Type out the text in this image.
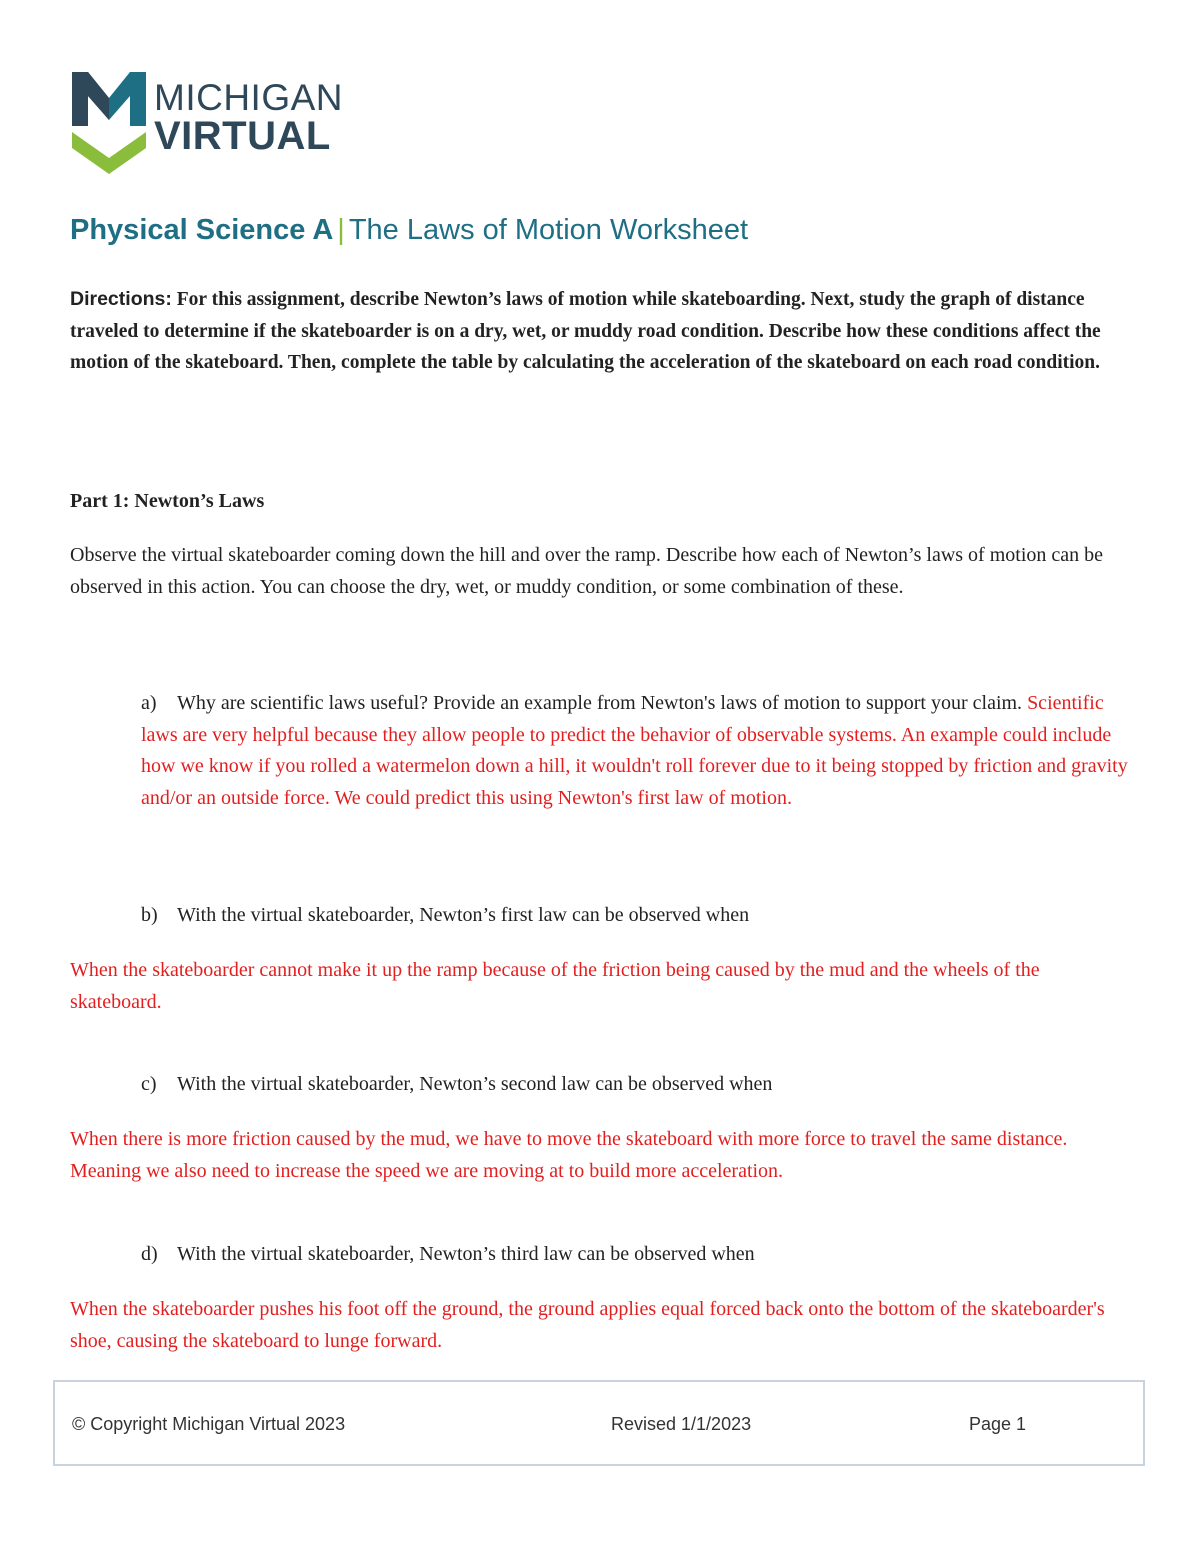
MICHIGAN
VIRTUAL
Physical Science A | The Laws of Motion Worksheet
Directions: For this assignment, describe Newton’s laws of motion while skateboarding. Next, study the graph of distance traveled to determine if the skateboarder is on a dry, wet, or muddy road condition. Describe how these conditions affect the motion of the skateboard. Then, complete the table by calculating the acceleration of the skateboard on each road condition.
Part 1: Newton’s Laws
Observe the virtual skateboarder coming down the hill and over the ramp. Describe how each of Newton’s laws of motion can be observed in this action. You can choose the dry, wet, or muddy condition, or some combination of these.
a) Why are scientific laws useful? Provide an example from Newton's laws of motion to support your claim. Scientific laws are very helpful because they allow people to predict the behavior of observable systems. An example could include how we know if you rolled a watermelon down a hill, it wouldn't roll forever due to it being stopped by friction and gravity and/or an outside force. We could predict this using Newton's first law of motion.
b) With the virtual skateboarder, Newton’s first law can be observed when
When the skateboarder cannot make it up the ramp because of the friction being caused by the mud and the wheels of the skateboard.
c) With the virtual skateboarder, Newton’s second law can be observed when
When there is more friction caused by the mud, we have to move the skateboard with more force to travel the same distance. Meaning we also need to increase the speed we are moving at to build more acceleration.
d) With the virtual skateboarder, Newton’s third law can be observed when
When the skateboarder pushes his foot off the ground, the ground applies equal forced back onto the bottom of the skateboarder's shoe, causing the skateboard to lunge forward.
© Copyright Michigan Virtual 2023	Revised 1/1/2023	Page 1
